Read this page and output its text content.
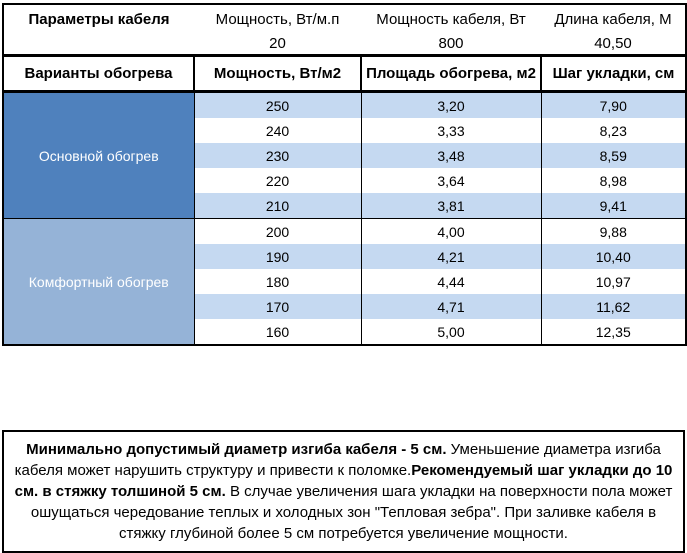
Параметры кабеля	Мощность, Вт/м.п	Мощность кабеля, Вт	Длина кабеля, М
	20	800	40,50
Варианты обогрева	Мощность, Вт/м2	Площадь обогрева, м2	Шаг укладки, см
Основной обогрев	250	3,20	7,90
	240	3,33	8,23
	230	3,48	8,59
	220	3,64	8,98
	210	3,81	9,41
Комфортный обогрев	200	4,00	9,88
	190	4,21	10,40
	180	4,44	10,97
	170	4,71	11,62
	160	5,00	12,35
Минимально допустимый диаметр изгиба кабеля - 5 см. Уменьшение диаметра изгиба кабеля может нарушить структуру и привести к поломке.Рекомендуемый шаг укладки до 10 см. в стяжку толшиной 5 см. В случае увеличения шага укладки на поверхности пола может ошущаться чередование теплых и холодных зон "Тепловая зебра". При заливке кабеля в стяжку глубиной более 5 см потребуется увеличение мощности.
